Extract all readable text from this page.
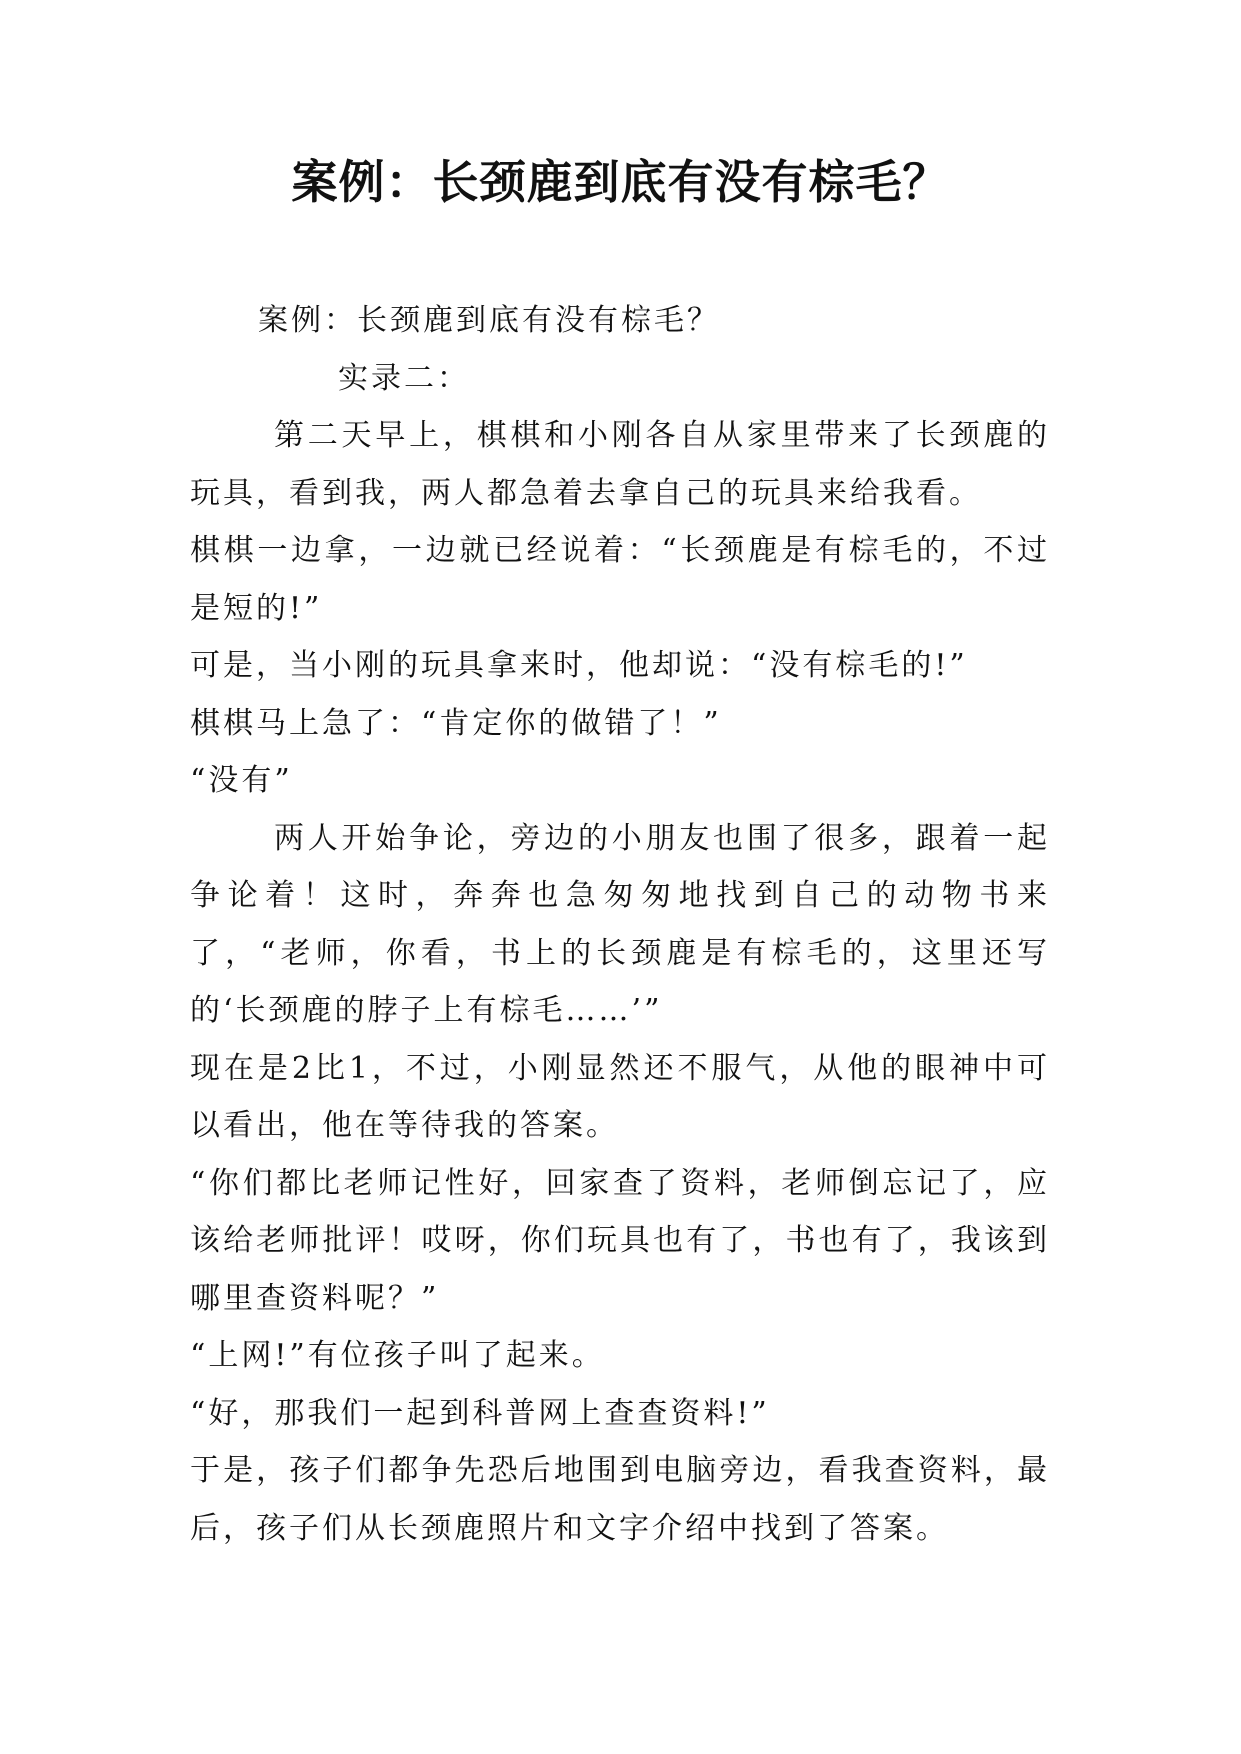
案例：长颈鹿到底有没有棕毛？

案例：长颈鹿到底有没有棕毛？

实录二：

第二天早上，棋棋和小刚各自从家里带来了长颈鹿的玩具，看到我，两人都急着去拿自己的玩具来给我看。

棋棋一边拿，一边就已经说着：“长颈鹿是有棕毛的，不过是短的!”

可是，当小刚的玩具拿来时，他却说：“没有棕毛的!”

棋棋马上急了：“肯定你的做错了！”

“没有”

两人开始争论，旁边的小朋友也围了很多，跟着一起争论着！这时，奔奔也急匆匆地找到自己的动物书来了，“老师，你看，书上的长颈鹿是有棕毛的，这里还写的‘长颈鹿的脖子上有棕毛……’”

现在是2比1，不过，小刚显然还不服气，从他的眼神中可以看出，他在等待我的答案。

“你们都比老师记性好，回家查了资料，老师倒忘记了，应该给老师批评！哎呀，你们玩具也有了，书也有了，我该到哪里查资料呢？”

“上网!”有位孩子叫了起来。

“好，那我们一起到科普网上查查资料!”

于是，孩子们都争先恐后地围到电脑旁边，看我查资料，最后，孩子们从长颈鹿照片和文字介绍中找到了答案。
